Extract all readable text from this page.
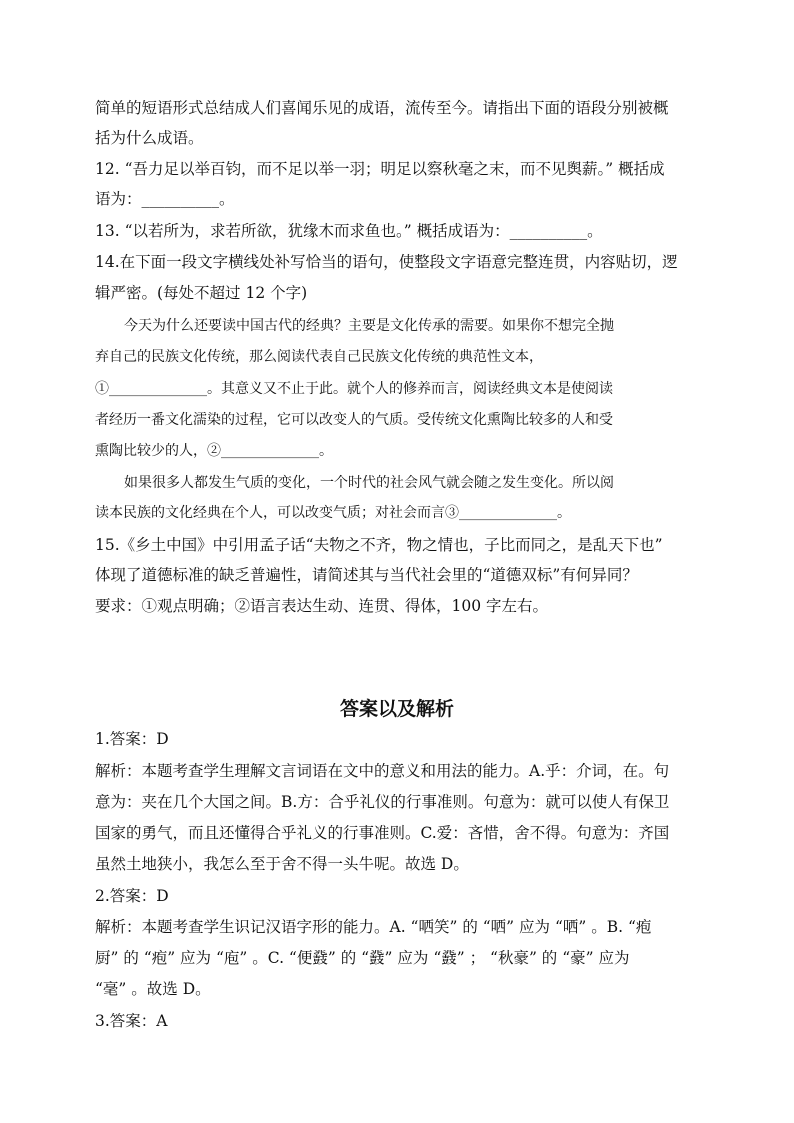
简单的短语形式总结成人们喜闻乐见的成语，流传至今。请指出下面的语段分别被概
括为什么成语。
12. “吾力足以举百钧，而不足以举一羽；明足以察秋毫之末，而不见舆薪。” 概括成
语为：__________。
13. “以若所为，求若所欲，犹缘木而求鱼也。” 概括成语为：__________。
14.在下面一段文字横线处补写恰当的语句，使整段文字语意完整连贯，内容贴切，逻
辑严密。(每处不超过 12 个字)
今天为什么还要读中国古代的经典？主要是文化传承的需要。如果你不想完全抛
弃自己的民族文化传统，那么阅读代表自己民族文化传统的典范性文本，
①______________。其意义又不止于此。就个人的修养而言，阅读经典文本是使阅读
者经历一番文化濡染的过程，它可以改变人的气质。受传统文化熏陶比较多的人和受
熏陶比较少的人，②______________。
如果很多人都发生气质的变化，一个时代的社会风气就会随之发生变化。所以阅
读本民族的文化经典在个人，可以改变气质；对社会而言③______________。
15.《乡土中国》中引用孟子话“夫物之不齐，物之情也，子比而同之，是乱天下也”
体现了道德标准的缺乏普遍性，请简述其与当代社会里的“道德双标”有何异同？
要求：①观点明确；②语言表达生动、连贯、得体，100 字左右。
答案以及解析
1.答案：D
解析：本题考查学生理解文言词语在文中的意义和用法的能力。A.乎：介词，在。句
意为：夹在几个大国之间。B.方：合乎礼仪的行事准则。句意为：就可以使人有保卫
国家的勇气，而且还懂得合乎礼义的行事准则。C.爱：吝惜，舍不得。句意为：齐国
虽然土地狭小，我怎么至于舍不得一头牛呢。故选 D。
2.答案：D
解析：本题考查学生识记汉语字形的能力。A. “哂笑” 的 “哂” 应为 “哂” 。B. “疱
厨” 的 “疱” 应为 “庖” 。C. “便鼗” 的 “鼗” 应为 “鼗” ； “秋豪” 的 “豪” 应为
“毫” 。故选 D。
3.答案：A
